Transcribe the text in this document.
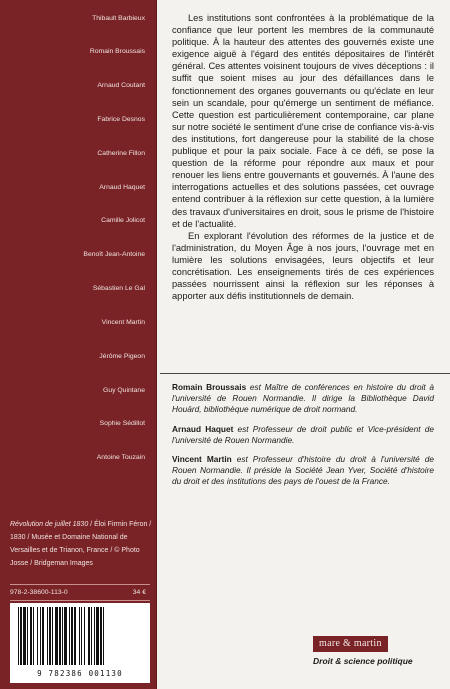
Thibault Barbieux
Romain Broussais
Arnaud Coutant
Fabrice Desnos
Catherine Fillon
Arnaud Haquet
Camille Jolicot
Benoît Jean-Antoine
Sébastien Le Gal
Vincent Martin
Jérôme Pigeon
Guy Quintane
Sophie Sédillot
Antoine Touzain
Révolution de juillet 1830 / Éloi Firmin Féron / 1830 / Musée et Domaine National de Versailles et de Trianon, France / © Photo Josse / Bridgeman Images
978-2-38600-113-0	34 €
9 782386 001130

Les institutions sont confrontées à la problématique de la confiance que leur portent les membres de la communauté politique. À la hauteur des attentes des gouvernés existe une exigence aiguë à l'égard des entités dépositaires de l'intérêt général. Ces attentes voisinent toujours de vives déceptions : il suffit que soient mises au jour des défaillances dans le fonctionnement des organes gouvernants ou qu'éclate en leur sein un scandale, pour qu'émerge un sentiment de méfiance. Cette question est particulièrement contemporaine, car plane sur notre société le sentiment d'une crise de confiance vis-à-vis des institutions, fort dangereuse pour la stabilité de la chose publique et pour la paix sociale. Face à ce défi, se pose la question de la réforme pour répondre aux maux et pour renouer les liens entre gouvernants et gouvernés. À l'aune des interrogations actuelles et des solutions passées, cet ouvrage entend contribuer à la réflexion sur cette question, à la lumière des travaux d'universitaires en droit, sous le prisme de l'histoire et de l'actualité.

En explorant l'évolution des réformes de la justice et de l'administration, du Moyen Âge à nos jours, l'ouvrage met en lumière les solutions envisagées, leurs objectifs et leur concrétisation. Les enseignements tirés de ces expériences passées nourrissent ainsi la réflexion sur les réponses à apporter aux défis institutionnels de demain.

Romain Broussais est Maître de conférences en histoire du droit à l'université de Rouen Normandie. Il dirige la Bibliothèque David Houärd, bibliothèque numérique de droit normand.

Arnaud Haquet est Professeur de droit public et Vice-président de l'université de Rouen Normandie.

Vincent Martin est Professeur d'histoire du droit à l'université de Rouen Normandie. Il préside la Société Jean Yver, Société d'histoire du droit et des institutions des pays de l'ouest de la France.

mare & martin
Droit & science politique
